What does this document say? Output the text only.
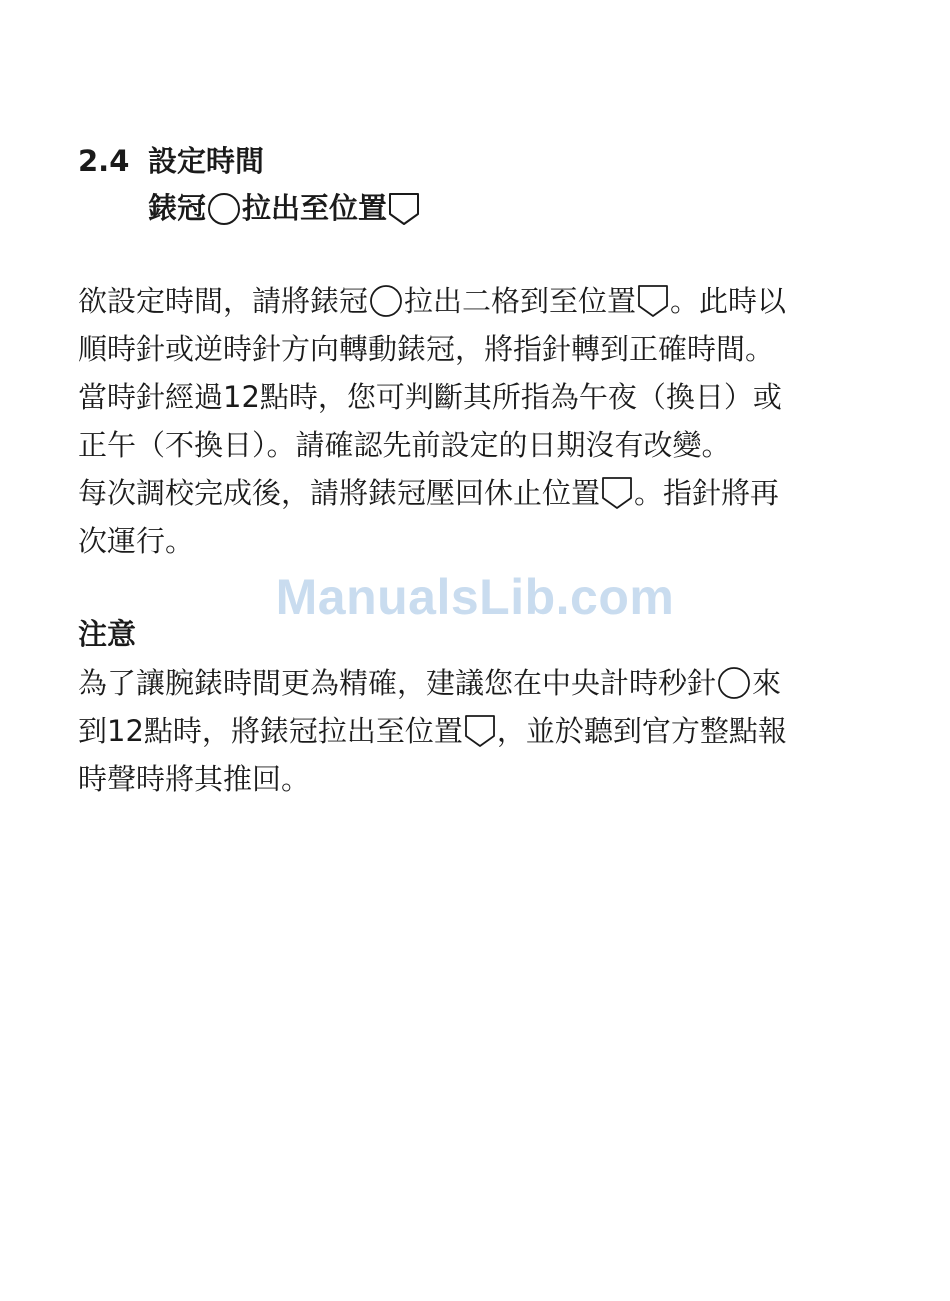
2.4 設定時間
錶冠 拉出至位置
欲設定時間，請將錶冠 拉出二格到至位置 。此時以
順時針或逆時針方向轉動錶冠，將指針轉到正確時間。
當時針經過12點時，您可判斷其所指為午夜（換日）或
正午（不換日）。請確認先前設定的日期沒有改變。
每次調校完成後，請將錶冠壓回休止位置 。指針將再
次運行。
ManualsLib.com
注意
為了讓腕錶時間更為精確，建議您在中央計時秒針 來
到12點時，將錶冠拉出至位置 ，並於聽到官方整點報
時聲時將其推回。
